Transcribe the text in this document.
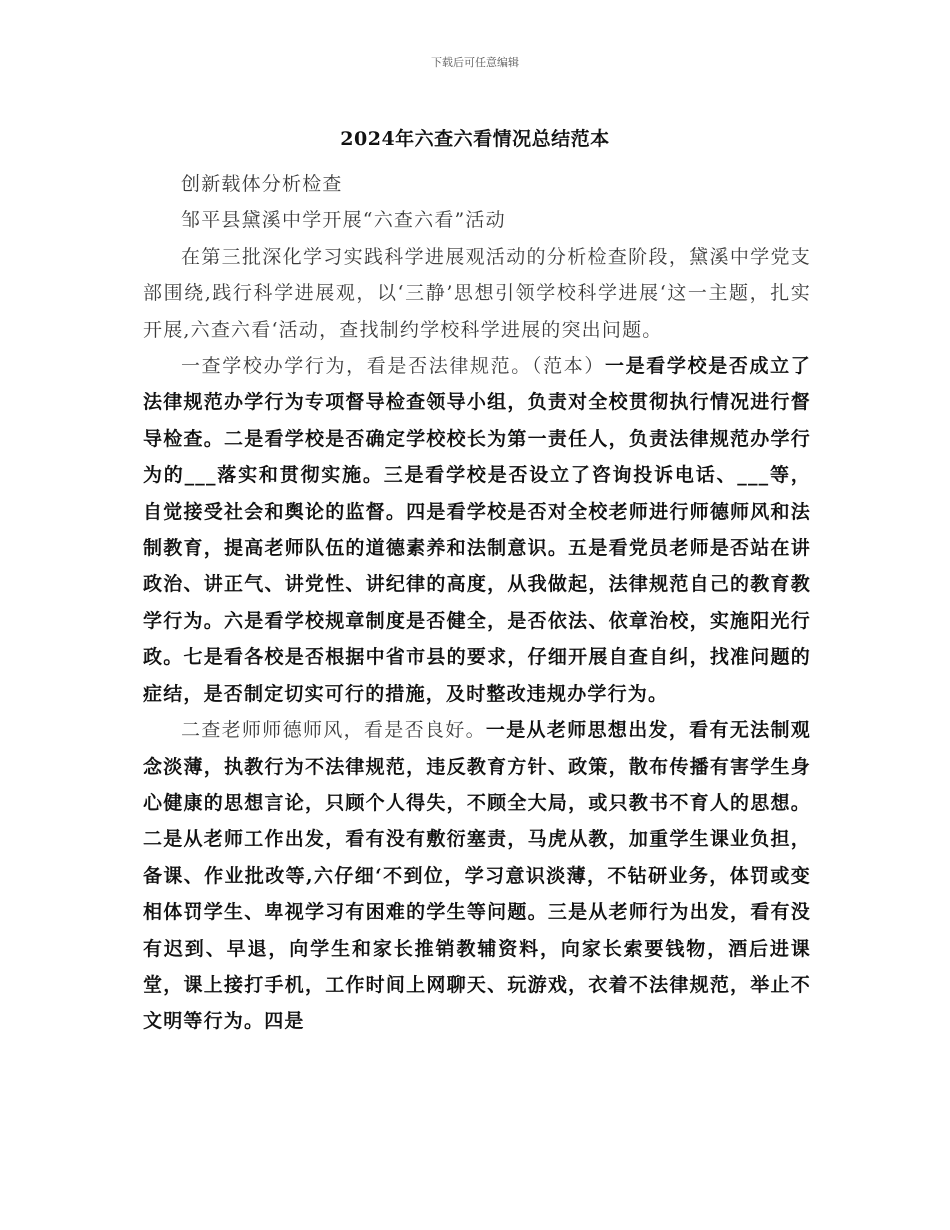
下载后可任意编辑
2024年六查六看情况总结范本

创新载体分析检查

邹平县黛溪中学开展“六查六看”活动

在第三批深化学习实践科学进展观活动的分析检查阶段，黛溪中学党支部围绕,践行科学进展观，以‘三静’思想引领学校科学进展‘这一主题，扎实开展,六查六看‘活动，查找制约学校科学进展的突出问题。

一查学校办学行为，看是否法律规范。（范本）一是看学校是否成立了法律规范办学行为专项督导检查领导小组，负责对全校贯彻执行情况进行督导检查。二是看学校是否确定学校校长为第一责任人，负责法律规范办学行为的___落实和贯彻实施。三是看学校是否设立了咨询投诉电话、___等，自觉接受社会和舆论的监督。四是看学校是否对全校老师进行师德师风和法制教育，提高老师队伍的道德素养和法制意识。五是看党员老师是否站在讲政治、讲正气、讲党性、讲纪律的高度，从我做起，法律规范自己的教育教学行为。六是看学校规章制度是否健全，是否依法、依章治校，实施阳光行政。七是看各校是否根据中省市县的要求，仔细开展自查自纠，找准问题的症结，是否制定切实可行的措施，及时整改违规办学行为。

二查老师师德师风，看是否良好。一是从老师思想出发，看有无法制观念淡薄，执教行为不法律规范，违反教育方针、政策，散布传播有害学生身心健康的思想言论，只顾个人得失，不顾全大局，或只教书不育人的思想。二是从老师工作出发，看有没有敷衍塞责，马虎从教，加重学生课业负担，备课、作业批改等,六仔细‘不到位，学习意识淡薄，不钻研业务，体罚或变相体罚学生、卑视学习有困难的学生等问题。三是从老师行为出发，看有没有迟到、早退，向学生和家长推销教辅资料，向家长索要钱物，酒后进课堂，课上接打手机，工作时间上网聊天、玩游戏，衣着不法律规范，举止不文明等行为。四是
